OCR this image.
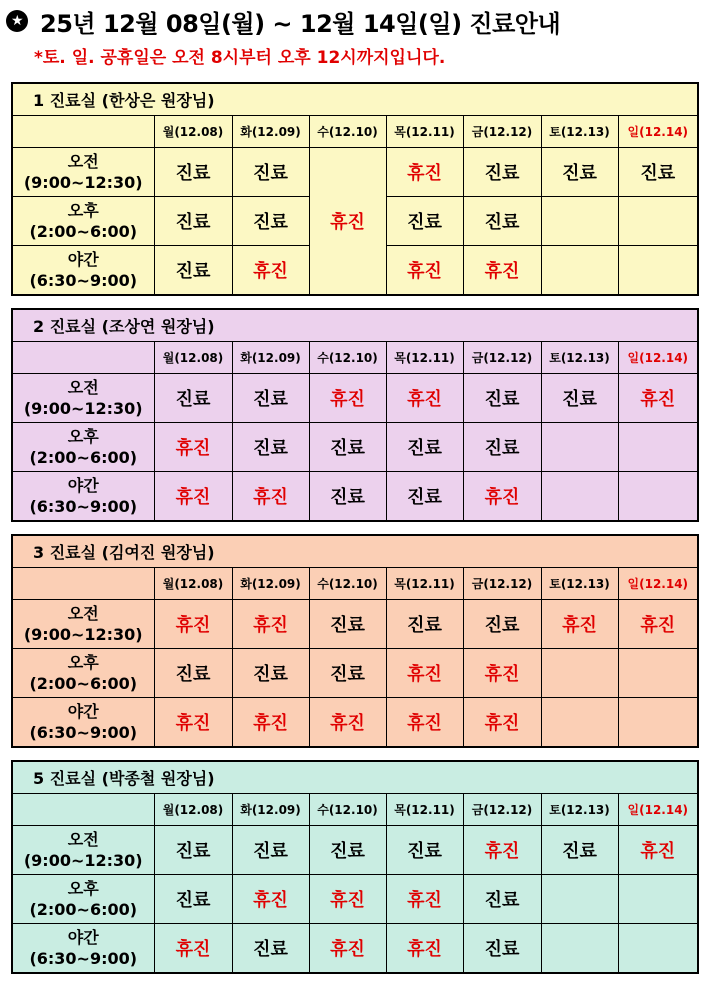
★ 25년 12월 08일(월) ~ 12월 14일(일) 진료안내
*토. 일. 공휴일은 오전 8시부터 오후 12시까지입니다.
1 진료실 (한상은 원장님)							
	월(12.08)	화(12.09)	수(12.10)	목(12.11)	금(12.12)	토(12.13)	일(12.14)

오전
(9:00~12:30)	진료	진료	휴진	휴진	진료	진료	진료

오후
(2:00~6:00)	진료	진료		진료	진료		

야간
(6:30~9:00)	진료	휴진		휴진	휴진		
2 진료실 (조상연 원장님)							
	월(12.08)	화(12.09)	수(12.10)	목(12.11)	금(12.12)	토(12.13)	일(12.14)

오전
(9:00~12:30)	진료	진료	휴진	휴진	진료	진료	휴진

오후
(2:00~6:00)	휴진	진료	진료	진료	진료		

야간
(6:30~9:00)	휴진	휴진	진료	진료	휴진		
3 진료실 (김여진 원장님)							
	월(12.08)	화(12.09)	수(12.10)	목(12.11)	금(12.12)	토(12.13)	일(12.14)

오전
(9:00~12:30)	휴진	휴진	진료	진료	진료	휴진	휴진

오후
(2:00~6:00)	진료	진료	진료	휴진	휴진		

야간
(6:30~9:00)	휴진	휴진	휴진	휴진	휴진		
5 진료실 (박종철 원장님)							
	월(12.08)	화(12.09)	수(12.10)	목(12.11)	금(12.12)	토(12.13)	일(12.14)

오전
(9:00~12:30)	진료	진료	진료	진료	휴진	진료	휴진

오후
(2:00~6:00)	진료	휴진	휴진	휴진	진료		

야간
(6:30~9:00)	휴진	진료	휴진	휴진	진료		
